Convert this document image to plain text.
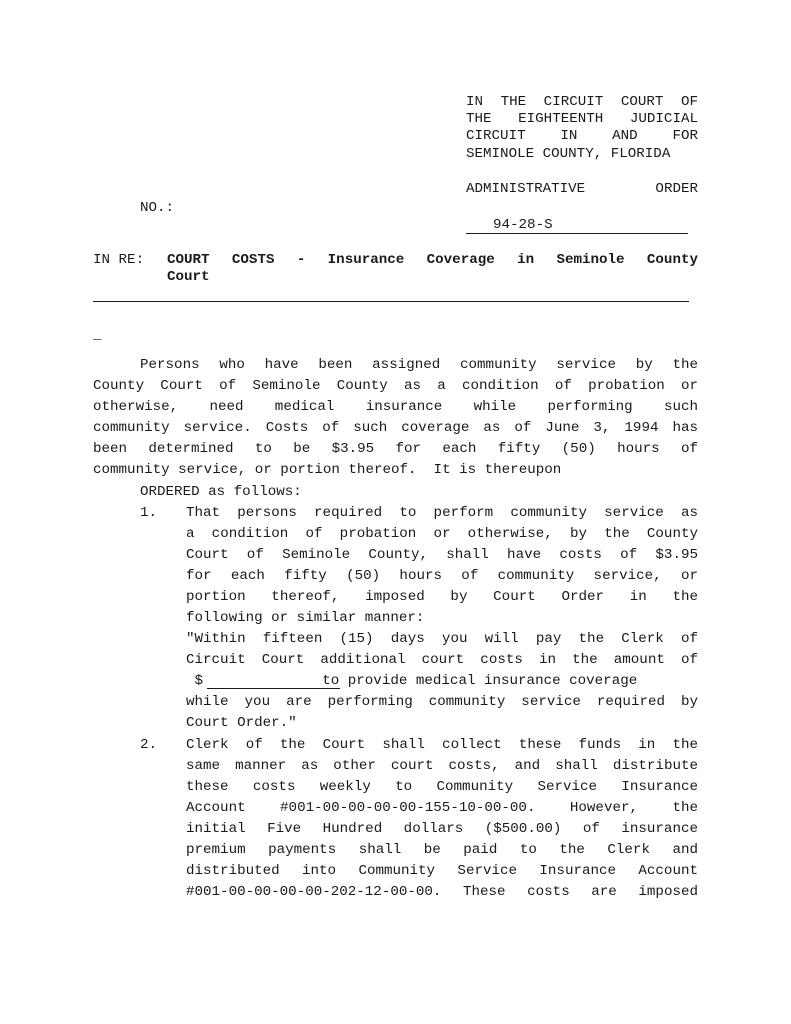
IN THE CIRCUIT COURT OF
THE EIGHTEENTH JUDICIAL
CIRCUIT IN AND FOR
SEMINOLE COUNTY, FLORIDA
ADMINISTRATIVE ORDER
NO.:
94-28-S
IN RE: COURT COSTS - Insurance Coverage in Seminole County
Court
_
Persons who have been assigned community service by the
County Court of Seminole County as a condition of probation or
otherwise, need medical insurance while performing such
community service. Costs of such coverage as of June 3, 1994 has
been determined to be $3.95 for each fifty (50) hours of
community service, or portion thereof.  It is thereupon
ORDERED as follows:
1. That persons required to perform community service as
a condition of probation or otherwise, by the County
Court of Seminole County, shall have costs of $3.95
for each fifty (50) hours of community service, or
portion thereof, imposed by Court Order in the
following or similar manner:
"Within fifteen (15) days you will pay the Clerk of
Circuit Court additional court costs in the amount of
$              to provide medical insurance coverage
while you are performing community service required by
Court Order."
2. Clerk of the Court shall collect these funds in the
same manner as other court costs, and shall distribute
these costs weekly to Community Service Insurance
Account #001-00-00-00-00-155-10-00-00. However, the
initial Five Hundred dollars ($500.00) of insurance
premium payments shall be paid to the Clerk and
distributed into Community Service Insurance Account
#001-00-00-00-00-202-12-00-00. These costs are imposed
